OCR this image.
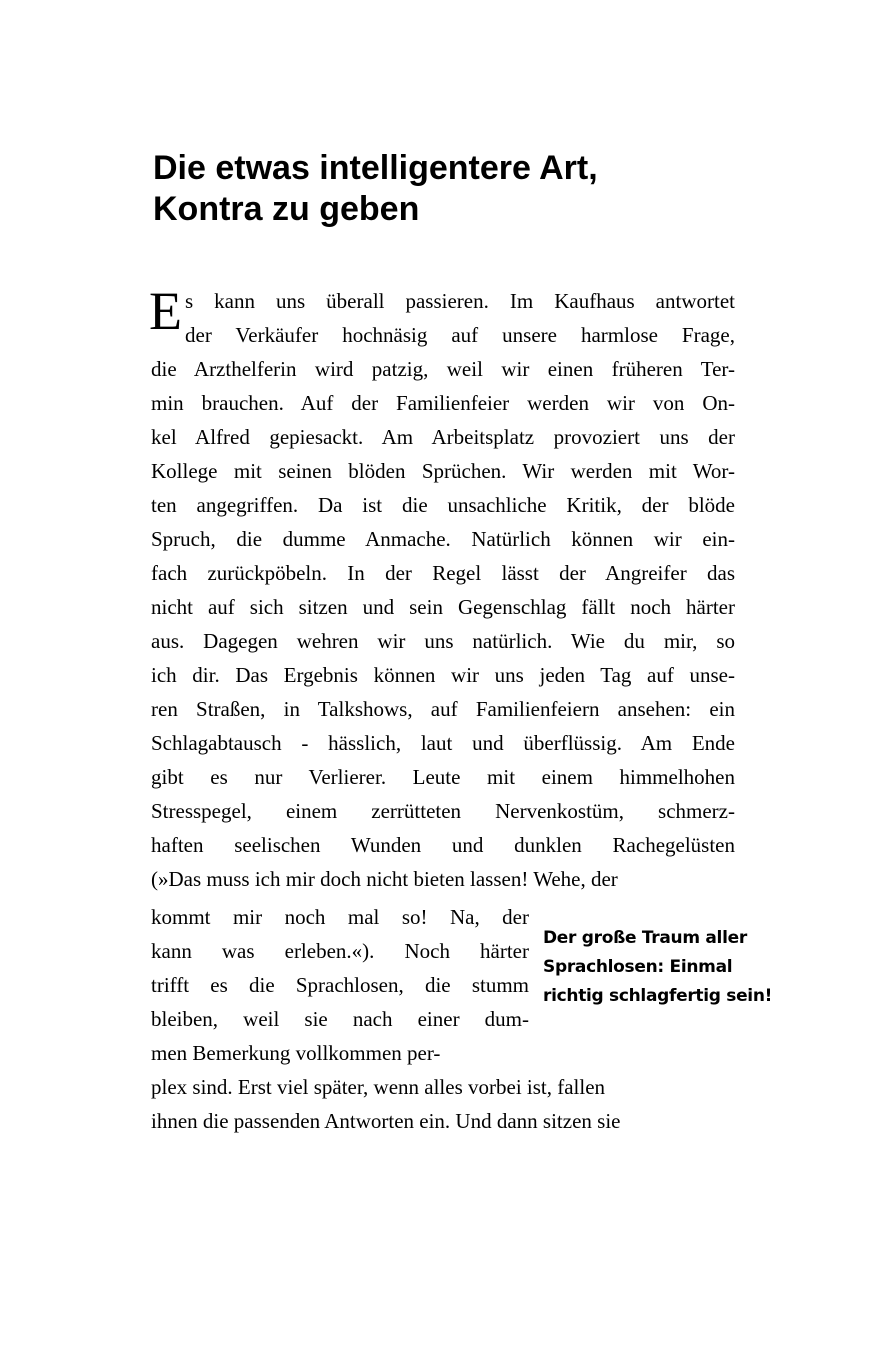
Die etwas intelligentere Art,
Kontra zu geben
E s kann uns überall passieren. Im Kaufhaus antwortet
der Verkäufer hochnäsig auf unsere harmlose Frage,
die Arzthelferin wird patzig, weil wir einen früheren Ter-
min brauchen. Auf der Familienfeier werden wir von On-
kel Alfred gepiesackt. Am Arbeitsplatz provoziert uns der
Kollege mit seinen blöden Sprüchen. Wir werden mit Wor-
ten angegriffen. Da ist die unsachliche Kritik, der blöde
Spruch, die dumme Anmache. Natürlich können wir ein-
fach zurückpöbeln. In der Regel lässt der Angreifer das
nicht auf sich sitzen und sein Gegenschlag fällt noch härter
aus. Dagegen wehren wir uns natürlich. Wie du mir, so
ich dir. Das Ergebnis können wir uns jeden Tag auf unse-
ren Straßen, in Talkshows, auf Familienfeiern ansehen: ein
Schlagabtausch - hässlich, laut und überflüssig. Am Ende
gibt es nur Verlierer. Leute mit einem himmelhohen
Stresspegel, einem zerrütteten Nervenkostüm, schmerz-
haften seelischen Wunden und dunklen Rachegelüsten
(»Das muss ich mir doch nicht bieten lassen! Wehe, der
kommt mir noch mal so! Na, der
kann was erleben.«). Noch härter
trifft es die Sprachlosen, die stumm
bleiben, weil sie nach einer dum-
men Bemerkung vollkommen per-
plex sind. Erst viel später, wenn alles vorbei ist, fallen
ihnen die passenden Antworten ein. Und dann sitzen sie
Der große Traum aller
Sprachlosen: Einmal
richtig schlagfertig sein!
